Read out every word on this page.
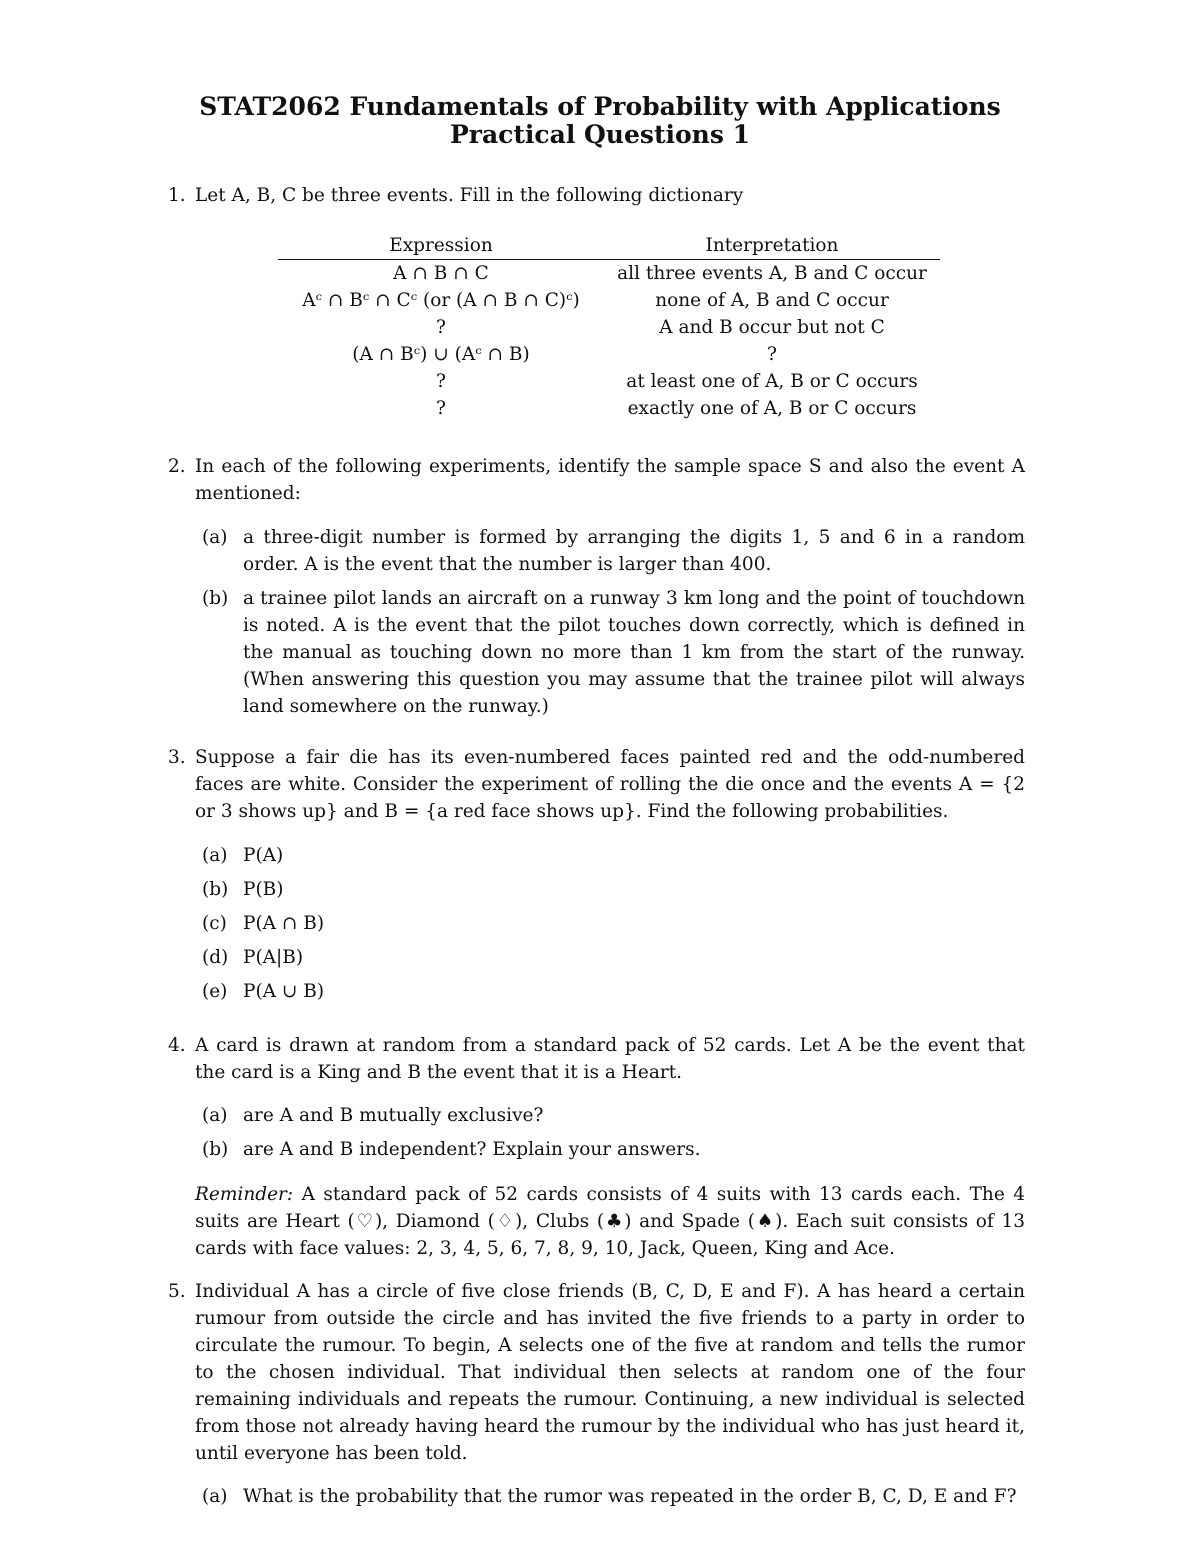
STAT2062 Fundamentals of Probability with Applications
Practical Questions 1
1. Let A, B, C be three events. Fill in the following dictionary
Expression	Interpretation
A ∩ B ∩ C	all three events A, B and C occur
Aᶜ ∩ Bᶜ ∩ Cᶜ (or (A ∩ B ∩ C)ᶜ)	none of A, B and C occur
?	A and B occur but not C
(A ∩ Bᶜ) ∪ (Aᶜ ∩ B)	?
?	at least one of A, B or C occurs
?	exactly one of A, B or C occurs
2. In each of the following experiments, identify the sample space S and also the event A mentioned:
(a) a three-digit number is formed by arranging the digits 1, 5 and 6 in a random order. A is the event that the number is larger than 400.
(b) a trainee pilot lands an aircraft on a runway 3 km long and the point of touchdown is noted. A is the event that the pilot touches down correctly, which is defined in the manual as touching down no more than 1 km from the start of the runway. (When answering this question you may assume that the trainee pilot will always land somewhere on the runway.)
3. Suppose a fair die has its even-numbered faces painted red and the odd-numbered faces are white. Consider the experiment of rolling the die once and the events A = {2 or 3 shows up} and B = {a red face shows up}. Find the following probabilities.
(a) P(A)
(b) P(B)
(c) P(A ∩ B)
(d) P(A|B)
(e) P(A ∪ B)
4. A card is drawn at random from a standard pack of 52 cards. Let A be the event that the card is a King and B the event that it is a Heart.
(a) are A and B mutually exclusive?
(b) are A and B independent? Explain your answers.
Reminder: A standard pack of 52 cards consists of 4 suits with 13 cards each. The 4 suits are Heart (♡), Diamond (♢), Clubs (♣) and Spade (♠). Each suit consists of 13 cards with face values: 2, 3, 4, 5, 6, 7, 8, 9, 10, Jack, Queen, King and Ace.
5. Individual A has a circle of five close friends (B, C, D, E and F). A has heard a certain rumour from outside the circle and has invited the five friends to a party in order to circulate the rumour. To begin, A selects one of the five at random and tells the rumor to the chosen individual. That individual then selects at random one of the four remaining individuals and repeats the rumour. Continuing, a new individual is selected from those not already having heard the rumour by the individual who has just heard it, until everyone has been told.
(a) What is the probability that the rumor was repeated in the order B, C, D, E and F?
